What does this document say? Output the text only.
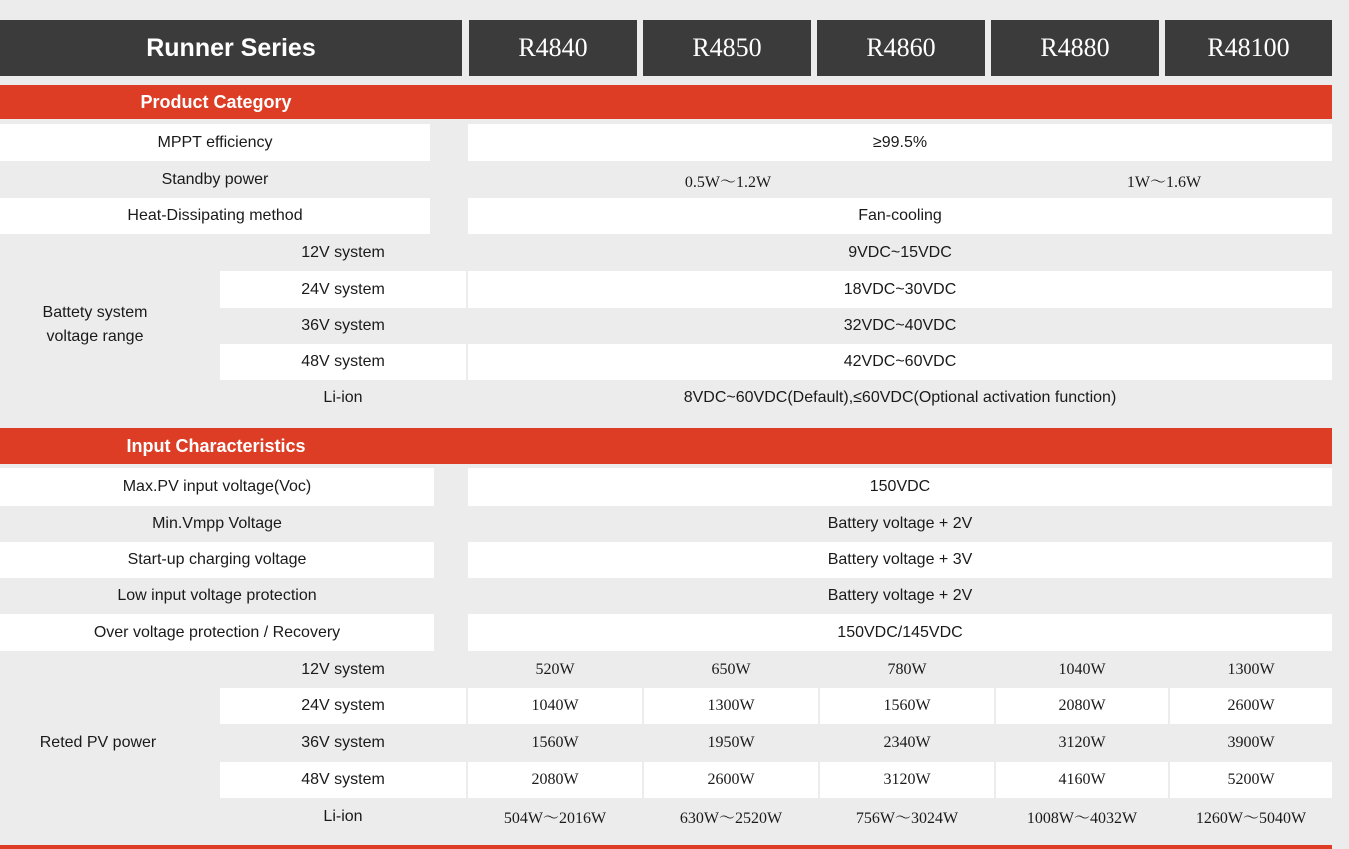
Runner Series	R4840	R4850	R4860	R4880	R48100
Product Category
MPPT efficiency	≥99.5%
Standby power	0.5W～1.2W	1W～1.6W
Heat-Dissipating method	Fan-cooling
Battety system
voltage range
12V system	9VDC~15VDC
24V system	18VDC~30VDC
36V system	32VDC~40VDC
48V system	42VDC~60VDC
Li-ion	8VDC~60VDC(Default),≤60VDC(Optional activation function)
Input Characteristics
Max.PV input voltage(Voc)	150VDC
Min.Vmpp Voltage	Battery voltage + 2V
Start-up charging voltage	Battery voltage + 3V
Low input voltage protection	Battery voltage + 2V
Over voltage protection / Recovery	150VDC/145VDC
Reted PV power
12V system	520W	650W	780W	1040W	1300W
24V system	1040W	1300W	1560W	2080W	2600W
36V system	1560W	1950W	2340W	3120W	3900W
48V system	2080W	2600W	3120W	4160W	5200W
Li-ion	504W～2016W	630W～2520W	756W～3024W	1008W～4032W	1260W～5040W
